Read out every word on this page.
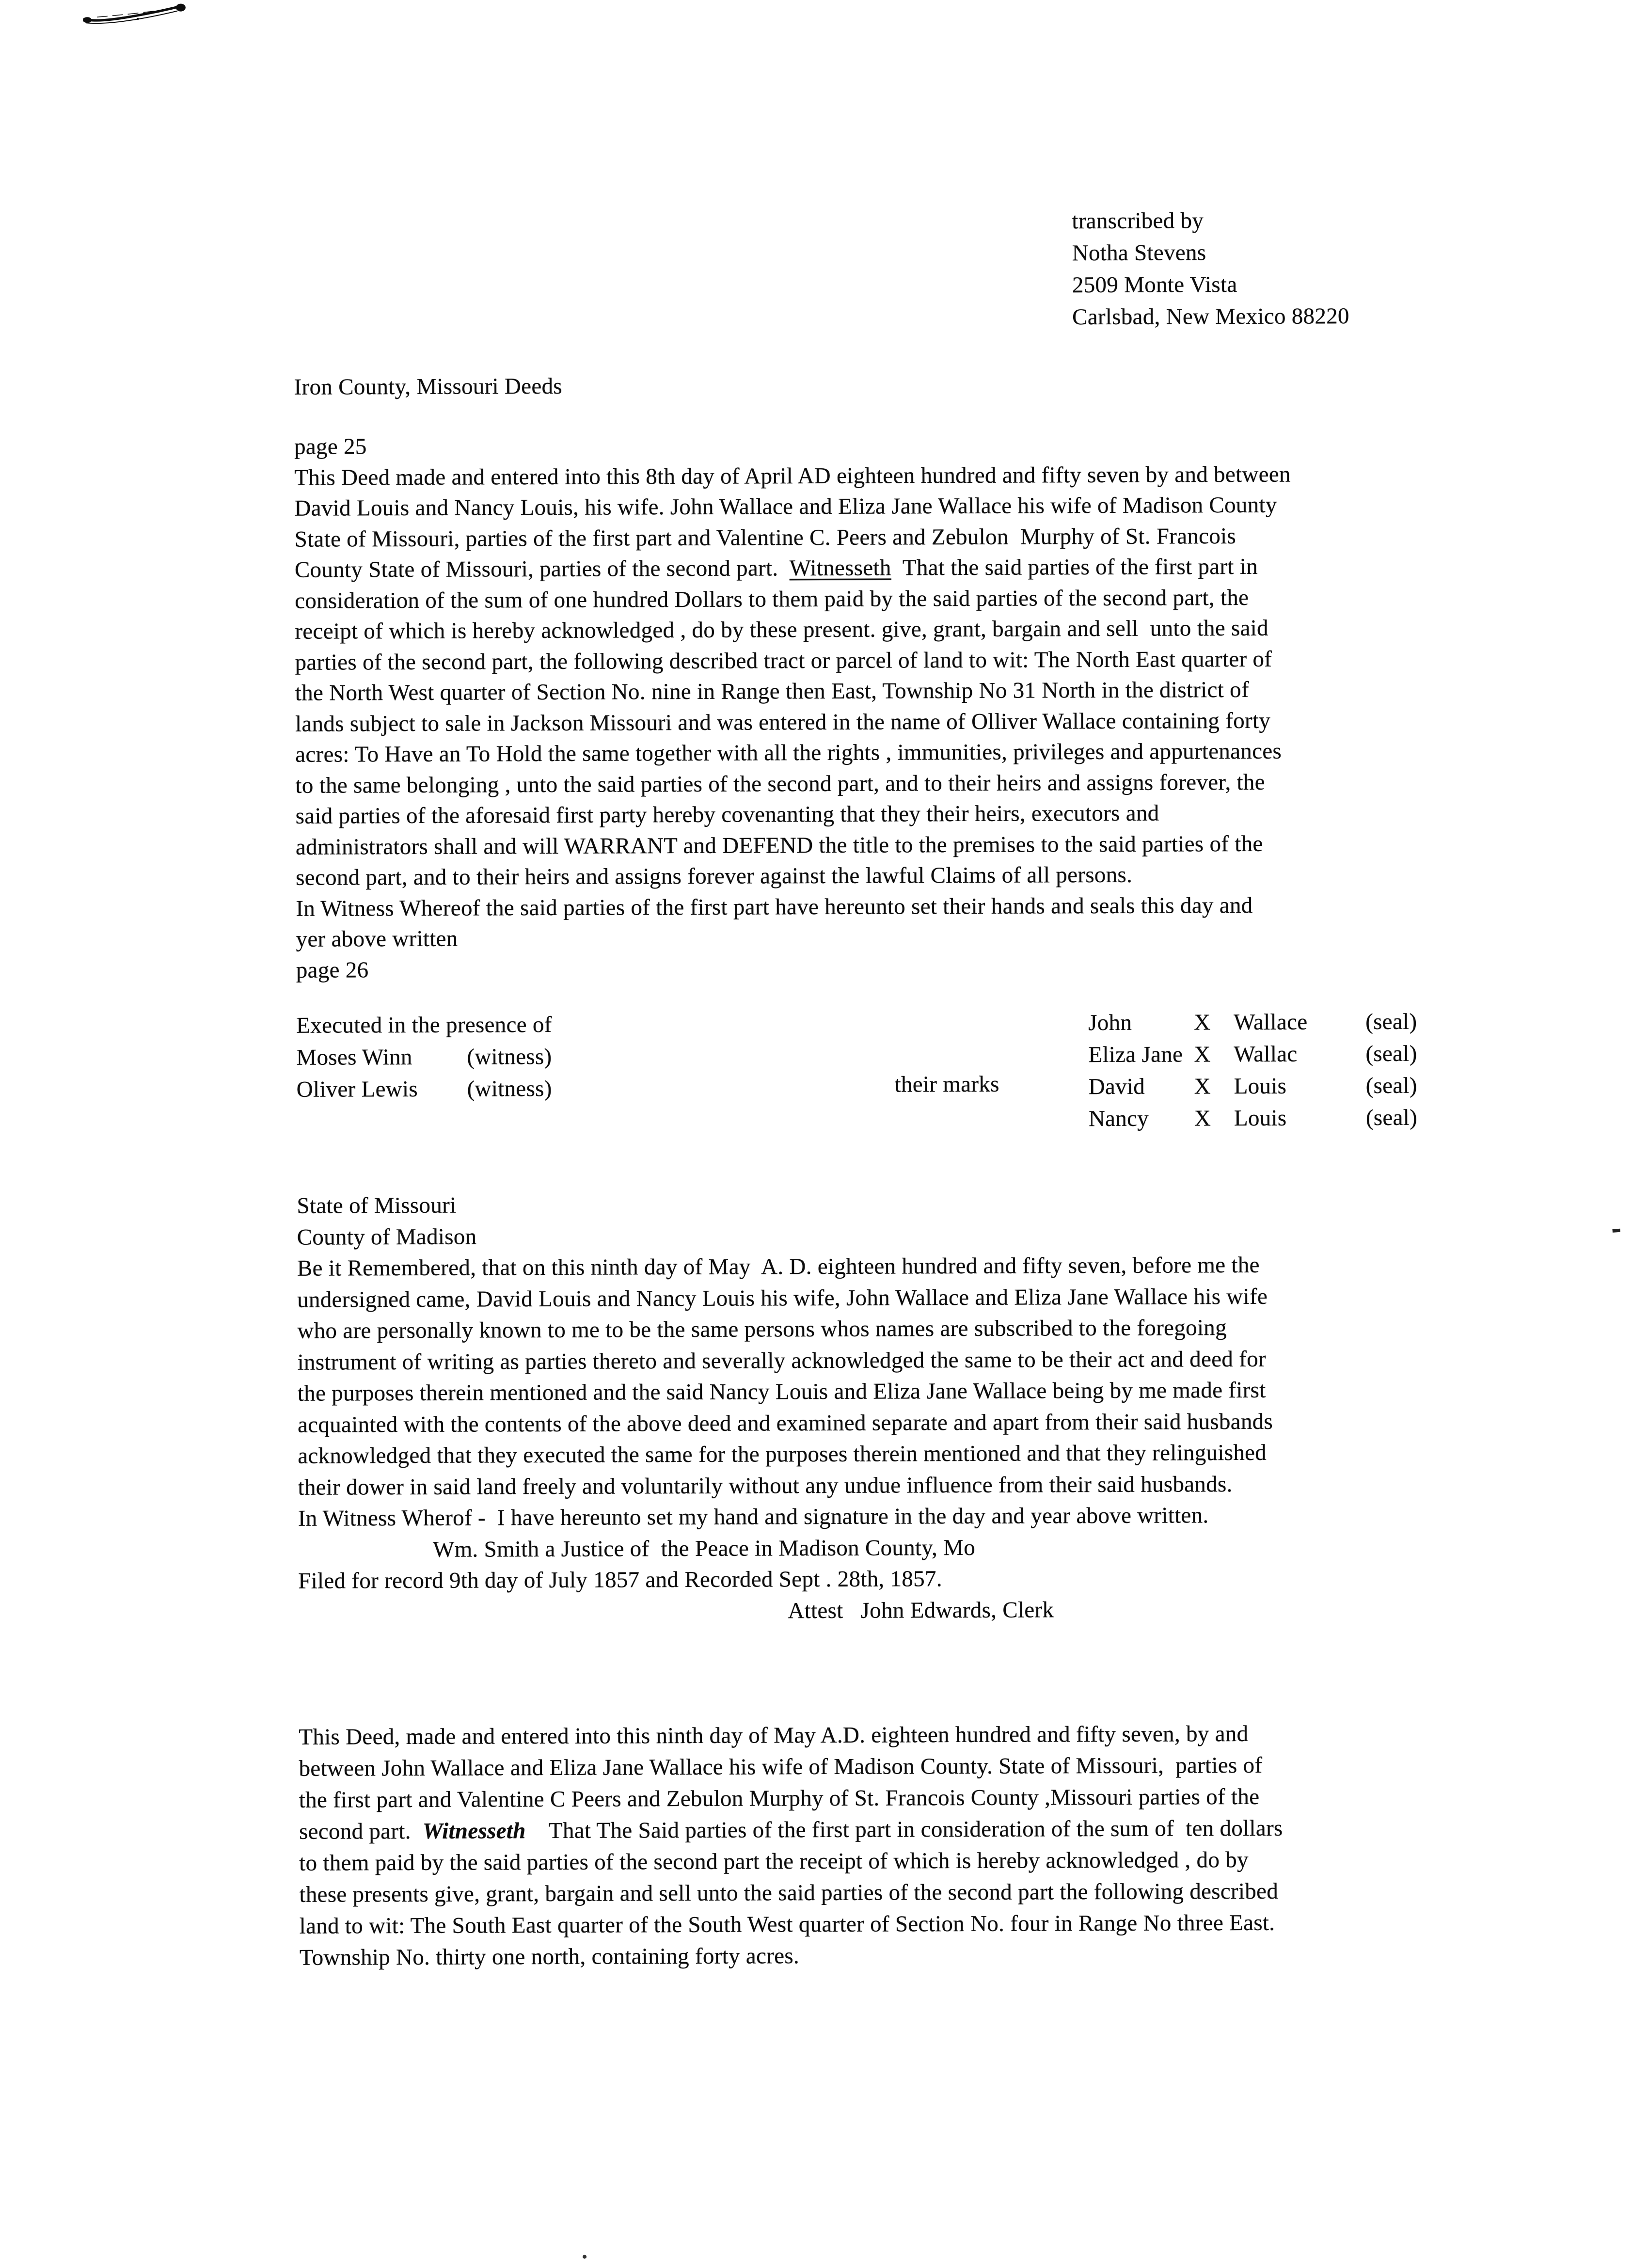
transcribed by
Notha Stevens
2509 Monte Vista
Carlsbad, New Mexico 88220
Iron County, Missouri Deeds
page 25
This Deed made and entered into this 8th day of April AD eighteen hundred and fifty seven by and between
David Louis and Nancy Louis, his wife. John Wallace and Eliza Jane Wallace his wife of Madison County
State of Missouri, parties of the first part and Valentine C. Peers and Zebulon  Murphy of St. Francois
County State of Missouri, parties of the second part.  Witnesseth  That the said parties of the first part in
consideration of the sum of one hundred Dollars to them paid by the said parties of the second part, the
receipt of which is hereby acknowledged , do by these present. give, grant, bargain and sell  unto the said
parties of the second part, the following described tract or parcel of land to wit: The North East quarter of
the North West quarter of Section No. nine in Range then East, Township No 31 North in the district of
lands subject to sale in Jackson Missouri and was entered in the name of Olliver Wallace containing forty
acres: To Have an To Hold the same together with all the rights , immunities, privileges and appurtenances
to the same belonging , unto the said parties of the second part, and to their heirs and assigns forever, the
said parties of the aforesaid first party hereby covenanting that they their heirs, executors and
administrators shall and will WARRANT and DEFEND the title to the premises to the said parties of the
second part, and to their heirs and assigns forever against the lawful Claims of all persons.
In Witness Whereof the said parties of the first part have hereunto set their hands and seals this day and
yer above written
page 26
Executed in the presence of
Moses Winn (witness)
Oliver Lewis (witness)	their marks
John	X	Wallace	(seal)
Eliza Jane X	Wallac	(seal)
David	X	Louis	(seal)
Nancy	X	Louis	(seal)
State of Missouri
County of Madison
Be it Remembered, that on this ninth day of May  A. D. eighteen hundred and fifty seven, before me the
undersigned came, David Louis and Nancy Louis his wife, John Wallace and Eliza Jane Wallace his wife
who are personally known to me to be the same persons whos names are subscribed to the foregoing
instrument of writing as parties thereto and severally acknowledged the same to be their act and deed for
the purposes therein mentioned and the said Nancy Louis and Eliza Jane Wallace being by me made first
acquainted with the contents of the above deed and examined separate and apart from their said husbands
acknowledged that they executed the same for the purposes therein mentioned and that they relinguished
their dower in said land freely and voluntarily without any undue influence from their said husbands.
In Witness Wherof -  I have hereunto set my hand and signature in the day and year above written.
Wm. Smith a Justice of  the Peace in Madison County, Mo
Filed for record 9th day of July 1857 and Recorded Sept . 28th, 1857.
Attest   John Edwards, Clerk
This Deed, made and entered into this ninth day of May A.D. eighteen hundred and fifty seven, by and
between John Wallace and Eliza Jane Wallace his wife of Madison County. State of Missouri,  parties of
the first part and Valentine C Peers and Zebulon Murphy of St. Francois County ,Missouri parties of the
second part.  Witnesseth    That The Said parties of the first part in consideration of the sum of  ten dollars
to them paid by the said parties of the second part the receipt of which is hereby acknowledged , do by
these presents give, grant, bargain and sell unto the said parties of the second part the following described
land to wit: The South East quarter of the South West quarter of Section No. four in Range No three East.
Township No. thirty one north, containing forty acres.
